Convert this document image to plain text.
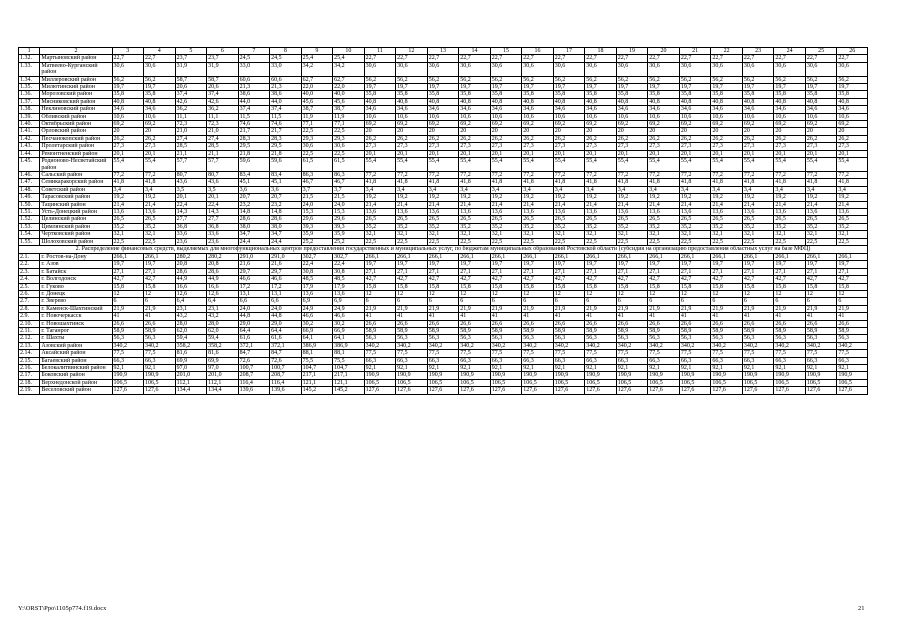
1	2	3	4	5	6	7	8	9	10	11	12	13	14	15	16	17	18	19	20	21	22	23	24	25	26
1.32.	Мартыновский район	22,7	22,7	23,7	23,7	24,5	24,5	25,4	25,4	22,7	22,7	22,7	22,7	22,7	22,7	22,7	22,7	22,7	22,7	22,7	22,7	22,7	22,7	22,7	22,7
1.33.	Матвеево-Курганский район	30,6	30,6	31,9	31,9	33,0	33,0	34,2	34,2	30,6	30,6	30,6	30,6	30,6	30,6	30,6	30,6	30,6	30,6	30,6	30,6	30,6	30,6	30,6	30,6
1.34.	Миллеровский район	56,2	56,2	58,7	58,7	60,6	60,6	62,7	62,7	56,2	56,2	56,2	56,2	56,2	56,2	56,2	56,2	56,2	56,2	56,2	56,2	56,2	56,2	56,2	56,2
1.35.	Милютинский район	19,7	19,7	20,6	20,6	21,3	21,3	22,0	22,0	19,7	19,7	19,7	19,7	19,7	19,7	19,7	19,7	19,7	19,7	19,7	19,7	19,7	19,7	19,7	19,7
1.36.	Морозовский район	35,8	35,8	37,4	37,4	38,6	38,6	40,0	40,0	35,8	35,8	35,8	35,8	35,8	35,8	35,8	35,8	35,8	35,8	35,8	35,8	35,8	35,8	35,8	35,8
1.37.	Мясниковский район	40,8	40,8	42,6	42,6	44,0	44,0	45,6	45,6	40,8	40,8	40,8	40,8	40,8	40,8	40,8	40,8	40,8	40,8	40,8	40,8	40,8	40,8	40,8	40,8
1.38.	Неклиновский район	34,6	34,6	36,2	36,2	37,4	37,4	38,7	38,7	34,6	34,6	34,6	34,6	34,6	34,6	34,6	34,6	34,6	34,6	34,6	34,6	34,6	34,6	34,6	34,6
1.39.	Обливский район	10,6	10,6	11,1	11,1	11,5	11,5	11,9	11,9	10,6	10,6	10,6	10,6	10,6	10,6	10,6	10,6	10,6	10,6	10,6	10,6	10,6	10,6	10,6	10,6
1.40.	Октябрьский район	69,2	69,2	72,3	72,3	74,6	74,6	77,1	77,1	69,2	69,2	69,2	69,2	69,2	69,2	69,2	69,2	69,2	69,2	69,2	69,2	69,2	69,2	69,2	69,2
1.41.	Орловский район	20	20	21,0	21,0	21,7	21,7	22,5	22,5	20	20	20	20	20	20	20	20	20	20	20	20	20	20	20	20
1.42.	Песчанокопский район	26,2	26,2	27,4	27,4	28,3	28,3	29,3	29,3	26,2	26,2	26,2	26,2	26,2	26,2	26,2	26,2	26,2	26,2	26,2	26,2	26,2	26,2	26,2	26,2
1.43.	Пролетарский район	27,3	27,3	28,5	28,5	29,5	29,5	30,6	30,6	27,3	27,3	27,3	27,3	27,3	27,3	27,3	27,3	27,3	27,3	27,3	27,3	27,3	27,3	27,3	27,3
1.44.	Ремонтненский район	20,1	20,1	21,1	21,1	21,8	21,8	22,5	22,5	20,1	20,1	20,1	20,1	20,1	20,1	20,1	20,1	20,1	20,1	20,1	20,1	20,1	20,1	20,1	20,1
1.45.	Родионово-Несветайский район	55,4	55,4	57,7	57,7	59,6	59,6	61,5	61,5	55,4	55,4	55,4	55,4	55,4	55,4	55,4	55,4	55,4	55,4	55,4	55,4	55,4	55,4	55,4	55,4
1.46.	Сальский район	77,2	77,2	80,7	80,7	83,4	83,4	86,3	86,3	77,2	77,2	77,2	77,2	77,2	77,2	77,2	77,2	77,2	77,2	77,2	77,2	77,2	77,2	77,2	77,2
1.47.	Семикаракорский район	41,8	41,8	43,6	43,6	45,1	45,1	46,7	46,7	41,8	41,8	41,8	41,8	41,8	41,8	41,8	41,8	41,8	41,8	41,8	41,8	41,8	41,8	41,8	41,8
1.48.	Советский район	3,4	3,4	3,5	3,5	3,6	3,6	3,7	3,7	3,4	3,4	3,4	3,4	3,4	3,4	3,4	3,4	3,4	3,4	3,4	3,4	3,4	3,4	3,4	3,4
1.49.	Тарасовский район	19,2	19,2	20,1	20,1	20,7	20,7	21,5	21,5	19,2	19,2	19,2	19,2	19,2	19,2	19,2	19,2	19,2	19,2	19,2	19,2	19,2	19,2	19,2	19,2
1.50.	Тацинский район	21,4	21,4	22,4	22,4	23,2	23,2	24,0	24,0	21,4	21,4	21,4	21,4	21,4	21,4	21,4	21,4	21,4	21,4	21,4	21,4	21,4	21,4	21,4	21,4
1.51.	Усть-Донецкий район	13,6	13,6	14,3	14,3	14,8	14,8	15,3	15,3	13,6	13,6	13,6	13,6	13,6	13,6	13,6	13,6	13,6	13,6	13,6	13,6	13,6	13,6	13,6	13,6
1.52.	Целинский район	26,5	26,5	27,7	27,7	28,6	28,6	29,6	29,6	26,5	26,5	26,5	26,5	26,5	26,5	26,5	26,5	26,5	26,5	26,5	26,5	26,5	26,5	26,5	26,5
1.53.	Цимлянский район	35,2	35,2	36,8	36,8	38,0	38,0	39,3	39,3	35,2	35,2	35,2	35,2	35,2	35,2	35,2	35,2	35,2	35,2	35,2	35,2	35,2	35,2	35,2	35,2
1.54.	Чертковский район	32,1	32,1	33,6	33,6	34,7	34,7	35,9	35,9	32,1	32,1	32,1	32,1	32,1	32,1	32,1	32,1	32,1	32,1	32,1	32,1	32,1	32,1	32,1	32,1
1.55.	Шолоховский район	22,5	22,5	23,6	23,6	24,4	24,4	25,2	25,2	22,5	22,5	22,5	22,5	22,5	22,5	22,5	22,5	22,5	22,5	22,5	22,5	22,5	22,5	22,5	22,5
2. Распределение финансовых средств, выделяемых для многофункциональных центров предоставления государственных и муниципальных услуг, по бюджетам муниципальных образований Ростовской области (субсидия на организацию предоставления областных услуг на базе МФЦ)																									
2.1.	г. Ростов-на-Дону	266,1	266,1	280,2	280,2	291,0	291,0	302,7	302,7	266,1	266,1	266,1	266,1	266,1	266,1	266,1	266,1	266,1	266,1	266,1	266,1	266,1	266,1	266,1	266,1
2.2.	г. Азов	19,7	19,7	20,8	20,8	21,6	21,6	22,4	22,4	19,7	19,7	19,7	19,7	19,7	19,7	19,7	19,7	19,7	19,7	19,7	19,7	19,7	19,7	19,7	19,7
2.3.	г. Батайск	27,1	27,1	28,6	28,6	29,7	29,7	30,8	30,8	27,1	27,1	27,1	27,1	27,1	27,1	27,1	27,1	27,1	27,1	27,1	27,1	27,1	27,1	27,1	27,1
2.4.	г. Волгодонск	42,7	42,7	44,9	44,9	46,6	46,6	48,5	48,5	42,7	42,7	42,7	42,7	42,7	42,7	42,7	42,7	42,7	42,7	42,7	42,7	42,7	42,7	42,7	42,7
2.5.	г. Гуково	15,8	15,8	16,6	16,6	17,2	17,2	17,9	17,9	15,8	15,8	15,8	15,8	15,8	15,8	15,8	15,8	15,8	15,8	15,8	15,8	15,8	15,8	15,8	15,8
2.6.	г. Донецк	12	12	12,6	12,6	13,1	13,1	13,6	13,6	12	12	12	12	12	12	12	12	12	12	12	12	12	12	12	12
2.7.	г. Зверево	6	6	6,4	6,4	6,6	6,6	6,9	6,9	6	6	6	6	6	6	6	6	6	6	6	6	6	6	6	6
2.8.	г. Каменск-Шахтинский	21,9	21,9	23,1	23,1	24,0	24,0	24,9	24,9	21,9	21,9	21,9	21,9	21,9	21,9	21,9	21,9	21,9	21,9	21,9	21,9	21,9	21,9	21,9	21,9
2.9.	г. Новочеркасск	41	41	43,2	43,2	44,8	44,8	46,6	46,6	41	41	41	41	41	41	41	41	41	41	41	41	41	41	41	41
2.10.	г. Новошахтинск	26,6	26,6	28,0	28,0	29,0	29,0	30,2	30,2	26,6	26,6	26,6	26,6	26,6	26,6	26,6	26,6	26,6	26,6	26,6	26,6	26,6	26,6	26,6	26,6
2.11.	г. Таганрог	58,9	58,9	62,0	62,0	64,4	64,4	66,9	66,9	58,9	58,9	58,9	58,9	58,9	58,9	58,9	58,9	58,9	58,9	58,9	58,9	58,9	58,9	58,9	58,9
2.12.	г. Шахты	56,3	56,3	59,4	59,4	61,6	61,6	64,1	64,1	56,3	56,3	56,3	56,3	56,3	56,3	56,3	56,3	56,3	56,3	56,3	56,3	56,3	56,3	56,3	56,3
2.13.	Азовский район	340,2	340,2	358,2	358,2	372,1	372,1	386,9	386,9	340,2	340,2	340,2	340,2	340,2	340,2	340,2	340,2	340,2	340,2	340,2	340,2	340,2	340,2	340,2	340,2
2.14.	Аксайский район	77,5	77,5	81,6	81,6	84,7	84,7	88,1	88,1	77,5	77,5	77,5	77,5	77,5	77,5	77,5	77,5	77,5	77,5	77,5	77,5	77,5	77,5	77,5	77,5
2.15.	Багаевский район	66,3	66,3	69,9	69,9	72,6	72,6	75,5	75,5	66,3	66,3	66,3	66,3	66,3	66,3	66,3	66,3	66,3	66,3	66,3	66,3	66,3	66,3	66,3	66,3
2.16.	Белокалитвинский район	92,1	92,1	97,0	97,0	100,7	100,7	104,7	104,7	92,1	92,1	92,1	92,1	92,1	92,1	92,1	92,1	92,1	92,1	92,1	92,1	92,1	92,1	92,1	92,1
2.17.	Боковский район	190,9	190,9	201,0	201,0	208,7	208,7	217,1	217,1	190,9	190,9	190,9	190,9	190,9	190,9	190,9	190,9	190,9	190,9	190,9	190,9	190,9	190,9	190,9	190,9
2.18.	Верхнедонской район	106,5	106,5	112,1	112,1	116,4	116,4	121,1	121,1	106,5	106,5	106,5	106,5	106,5	106,5	106,5	106,5	106,5	106,5	106,5	106,5	106,5	106,5	106,5	106,5
2.19.	Веселовский район	127,6	127,6	134,4	134,4	139,6	139,6	145,2	145,2	127,6	127,6	127,6	127,6	127,6	127,6	127,6	127,6	127,6	127,6	127,6	127,6	127,6	127,6	127,6	127,6
Y:\ORST\Ppo\1105p774.f19.docx	21
